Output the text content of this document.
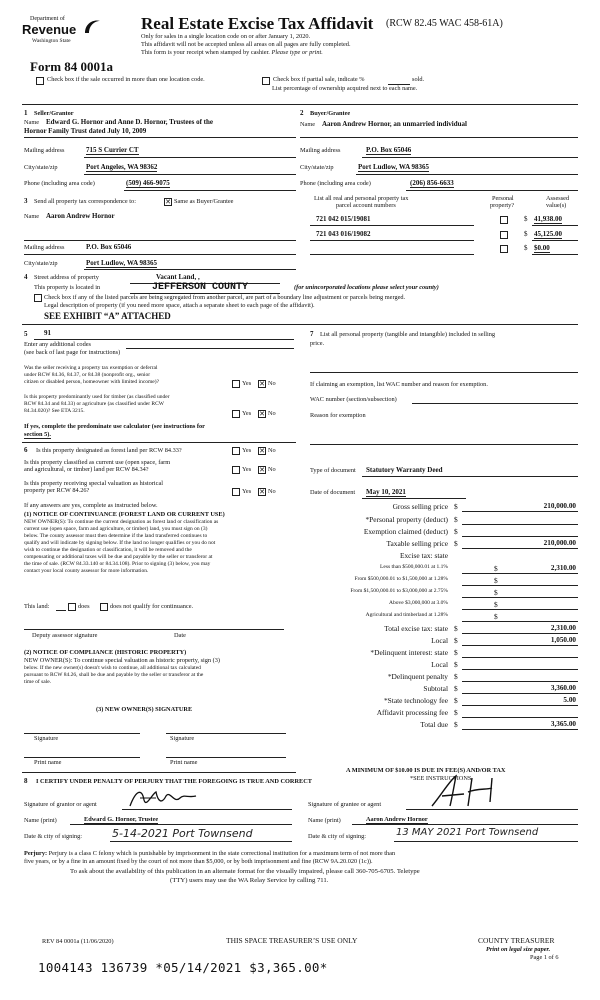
Department of
Revenue
Washington State
Real Estate Excise Tax Affidavit (RCW 82.45 WAC 458-61A)
Only for sales in a single location code on or after January 1, 2020.
This affidavit will not be accepted unless all areas on all pages are fully completed.
This form is your receipt when stamped by cashier. Please type or print.
Form 84 0001a
Check box if the sale occurred in more than one location code.	Check box if partial sale, indicate %	sold.
List percentage of ownership acquired next to each name.
1 Seller/Grantor
Name Edward G. Hornor and Anne D. Hornor, Trustees of the
Hornor Family Trust dated July 10, 2009
Mailing address	715 S Currier CT
City/state/zip	Port Angeles, WA 98362
Phone (including area code)	(509) 466-9075
2 Buyer/Grantee
Name Aaron Andrew Hornor, an unmarried individual
Mailing address	P.O. Box 65046
City/state/zip	Port Ludlow, WA 98365
Phone (including area code)	(206) 856-6633
List all real and personal property tax
parcel account numbers
Personal
property?
Assessed
value(s)
721 042 015/19081	$ 41,938.00
721 043 016/19082	$ 45,125.00
$ $0.00
3 Send all property tax correspondence to:	✕ Same as Buyer/Grantee
Name Aaron Andrew Hornor
Mailing address	P.O. Box 65046
City/state/zip	Port Ludlow, WA 98365
4 Street address of property	Vacant Land, ,
This property is located in	JEFFERSON COUNTY	(for unincorporated locations please select your county)
Check box if any of the listed parcels are being segregated from another parcel, are part of a boundary line adjustment or parcels being merged.
Legal description of property (if you need more space, attach a separate sheet to each page of the affidavit).
SEE EXHIBIT “A” ATTACHED
5 91
Enter any additional codes
(see back of last page for instructions)
Was the seller receiving a property tax exemption or deferral
under RCW 84.36, 84.37, or 84.38 (nonprofit org., senior
citizen or disabled person, homeowner with limited income)?	Yes ✕ No
Is this property predominantly used for timber (as classified under
RCW 84.34 and 84.33) or agriculture (as classified under RCW
84.34.020)? See ETA 3215.	Yes ✕ No
If yes, complete the predominate use calculator (see instructions for
section 5).
6 Is this property designated as forest land per RCW 84.33?	Yes ✕ No
Is this property classified as current use (open space, farm
and agricultural, or timber) land per RCW 84.34?	Yes ✕ No
Is this property receiving special valuation as historical
property per RCW 84.26?	Yes ✕ No
If any answers are yes, complete as instructed below.
(1) NOTICE OF CONTINUANCE (FOREST LAND OR CURRENT USE)
NEW OWNER(S): To continue the current designation as forest land or classification as
current use (open space, farm and agriculture, or timber) land, you must sign on (3)
below. The county assessor must then determine if the land transferred continues to
qualify and will indicate by signing below. If the land no longer qualifies or you do not
wish to continue the designation or classification, it will be removed and the
compensating or additional taxes will be due and payable by the seller or transferor at
the time of sale. (RCW 84.33.140 or 84.34.108). Prior to signing (3) below, you may
contact your local county assessor for more information.
This land:	does	does not qualify for continuance.
Deputy assessor signature	Date
(2) NOTICE OF COMPLIANCE (HISTORIC PROPERTY)
NEW OWNER(S): To continue special valuation as historic property, sign (3)
below. If the new owner(s) doesn't wish to continue, all additional tax calculated
pursuant to RCW 84.26, shall be due and payable by the seller or transferor at the
time of sale.
(3) NEW OWNER(S) SIGNATURE
Signature	Signature
Print name	Print name
7 List all personal property (tangible and intangible) included in selling
price.
If claiming an exemption, list WAC number and reason for exemption.
WAC number (section/subsection)
Reason for exemption
Type of document Statutory Warranty Deed
Date of document May 10, 2021
Gross selling price $	210,000.00
*Personal property (deduct) $
Exemption claimed (deduct) $
Taxable selling price $	210,000.00
Excise tax: state
Less than $500,000.01 at 1.1%	$	2,310.00
From $500,000.01 to $1,500,000 at 1.28%	$
From $1,500,000.01 to $3,000,000 at 2.75%	$
Above $3,000,000 at 3.0%	$
Agricultural and timberland at 1.28%	$
Total excise tax: state $	2,310.00
Local $	1,050.00
*Delinquent interest: state $
Local $
*Delinquent penalty $
Subtotal $	3,360.00
*State technology fee $	5.00
Affidavit processing fee $
Total due $	3,365.00
A MINIMUM OF $10.00 IS DUE IN FEE(S) AND/OR TAX
*SEE INSTRUCTIONS
8 I CERTIFY UNDER PENALTY OF PERJURY THAT THE FOREGOING IS TRUE AND CORRECT
Signature of grantor or agent	Signature of grantee or agent
Name (print)	Edward G. Hornor, Trustee	Name (print)	Aaron Andrew Hornor
Date & city of signing:	5-14-2021 Port Townsend	Date & city of signing:	13 MAY 2021 Port Townsend
Perjury: Perjury is a class C felony which is punishable by imprisonment in the state correctional institution for a maximum term of not more than
five years, or by a fine in an amount fixed by the court of not more than $5,000, or by both imprisonment and fine (RCW 9A.20.020 (1c)).
To ask about the availability of this publication in an alternate format for the visually impaired, please call 360-705-6705. Teletype
(TTY) users may use the WA Relay Service by calling 711.
REV 84 0001a (11/06/2020)	THIS SPACE TREASURER’S USE ONLY	COUNTY TREASURER
Print on legal size paper.
Page 1 of 6
1004143 136739 *05/14/2021 $3,365.00*
